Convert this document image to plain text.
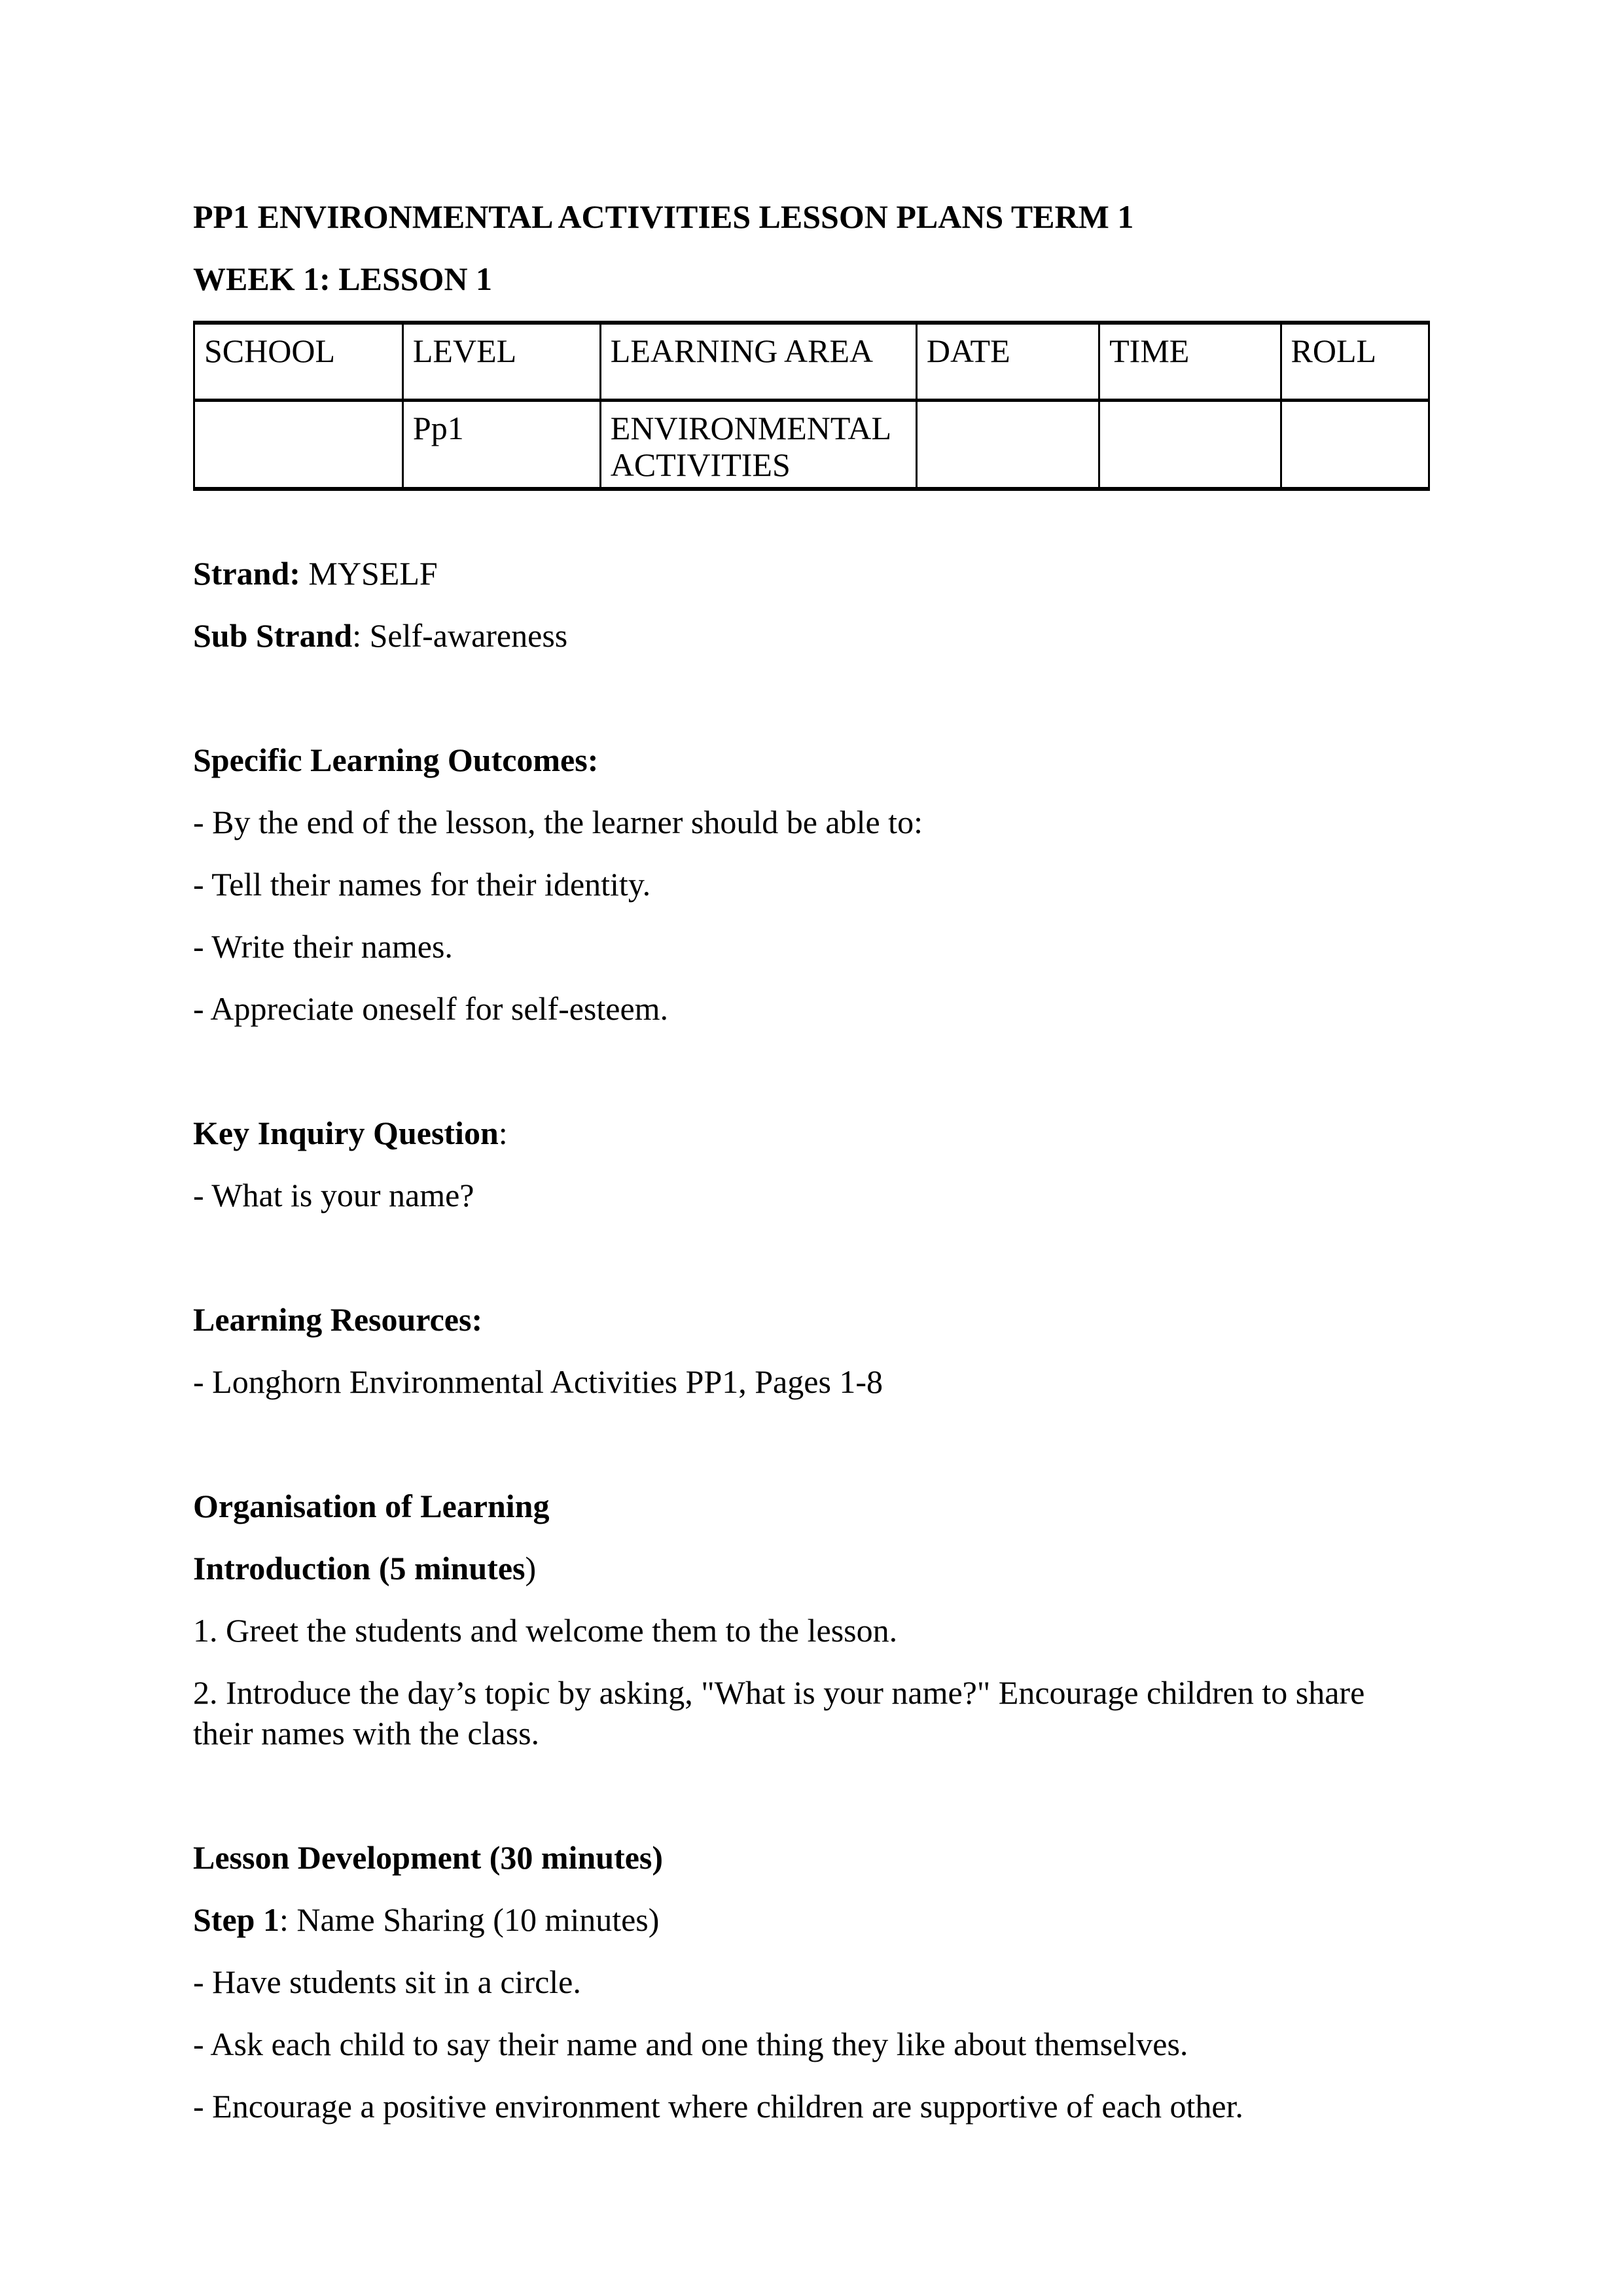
PP1 ENVIRONMENTAL ACTIVITIES LESSON PLANS TERM 1

WEEK 1: LESSON 1

SCHOOL	LEVEL	LEARNING AREA	DATE	TIME	ROLL
	Pp1	ENVIRONMENTAL ACTIVITIES			

Strand: MYSELF

Sub Strand: Self-awareness

Specific Learning Outcomes:

- By the end of the lesson, the learner should be able to:

- Tell their names for their identity.

- Write their names.

- Appreciate oneself for self-esteem.

Key Inquiry Question:

- What is your name?

Learning Resources:

- Longhorn Environmental Activities PP1, Pages 1-8

Organisation of Learning

Introduction (5 minutes)

1. Greet the students and welcome them to the lesson.

2. Introduce the day’s topic by asking, "What is your name?" Encourage children to share their names with the class.

Lesson Development (30 minutes)

Step 1: Name Sharing (10 minutes)

- Have students sit in a circle.

- Ask each child to say their name and one thing they like about themselves.

- Encourage a positive environment where children are supportive of each other.
